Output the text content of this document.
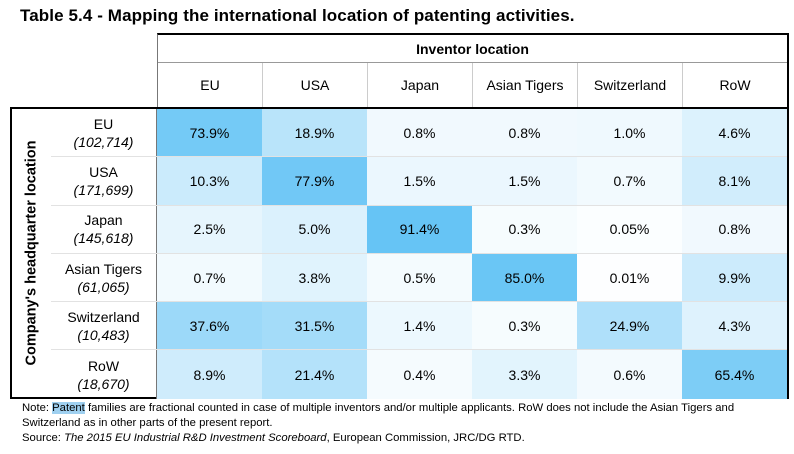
Table 5.4 - Mapping the international location of patenting activities.
Inventor location
EU	USA	Japan	Asian Tigers	Switzerland	RoW
Company's headquarter location
EU
(102,714)
73.9%	18.9%	0.8%	0.8%	1.0%	4.6%
USA
(171,699)
10.3%	77.9%	1.5%	1.5%	0.7%	8.1%
Japan
(145,618)
2.5%	5.0%	91.4%	0.3%	0.05%	0.8%
Asian Tigers
(61,065)
0.7%	3.8%	0.5%	85.0%	0.01%	9.9%
Switzerland
(10,483)
37.6%	31.5%	1.4%	0.3%	24.9%	4.3%
RoW
(18,670)
8.9%	21.4%	0.4%	3.3%	0.6%	65.4%
Note: Patent families are fractional counted in case of multiple inventors and/or multiple applicants. RoW does not include the Asian Tigers and Switzerland as in other parts of the present report.
Source: The 2015 EU Industrial R&D Investment Scoreboard, European Commission, JRC/DG RTD.
